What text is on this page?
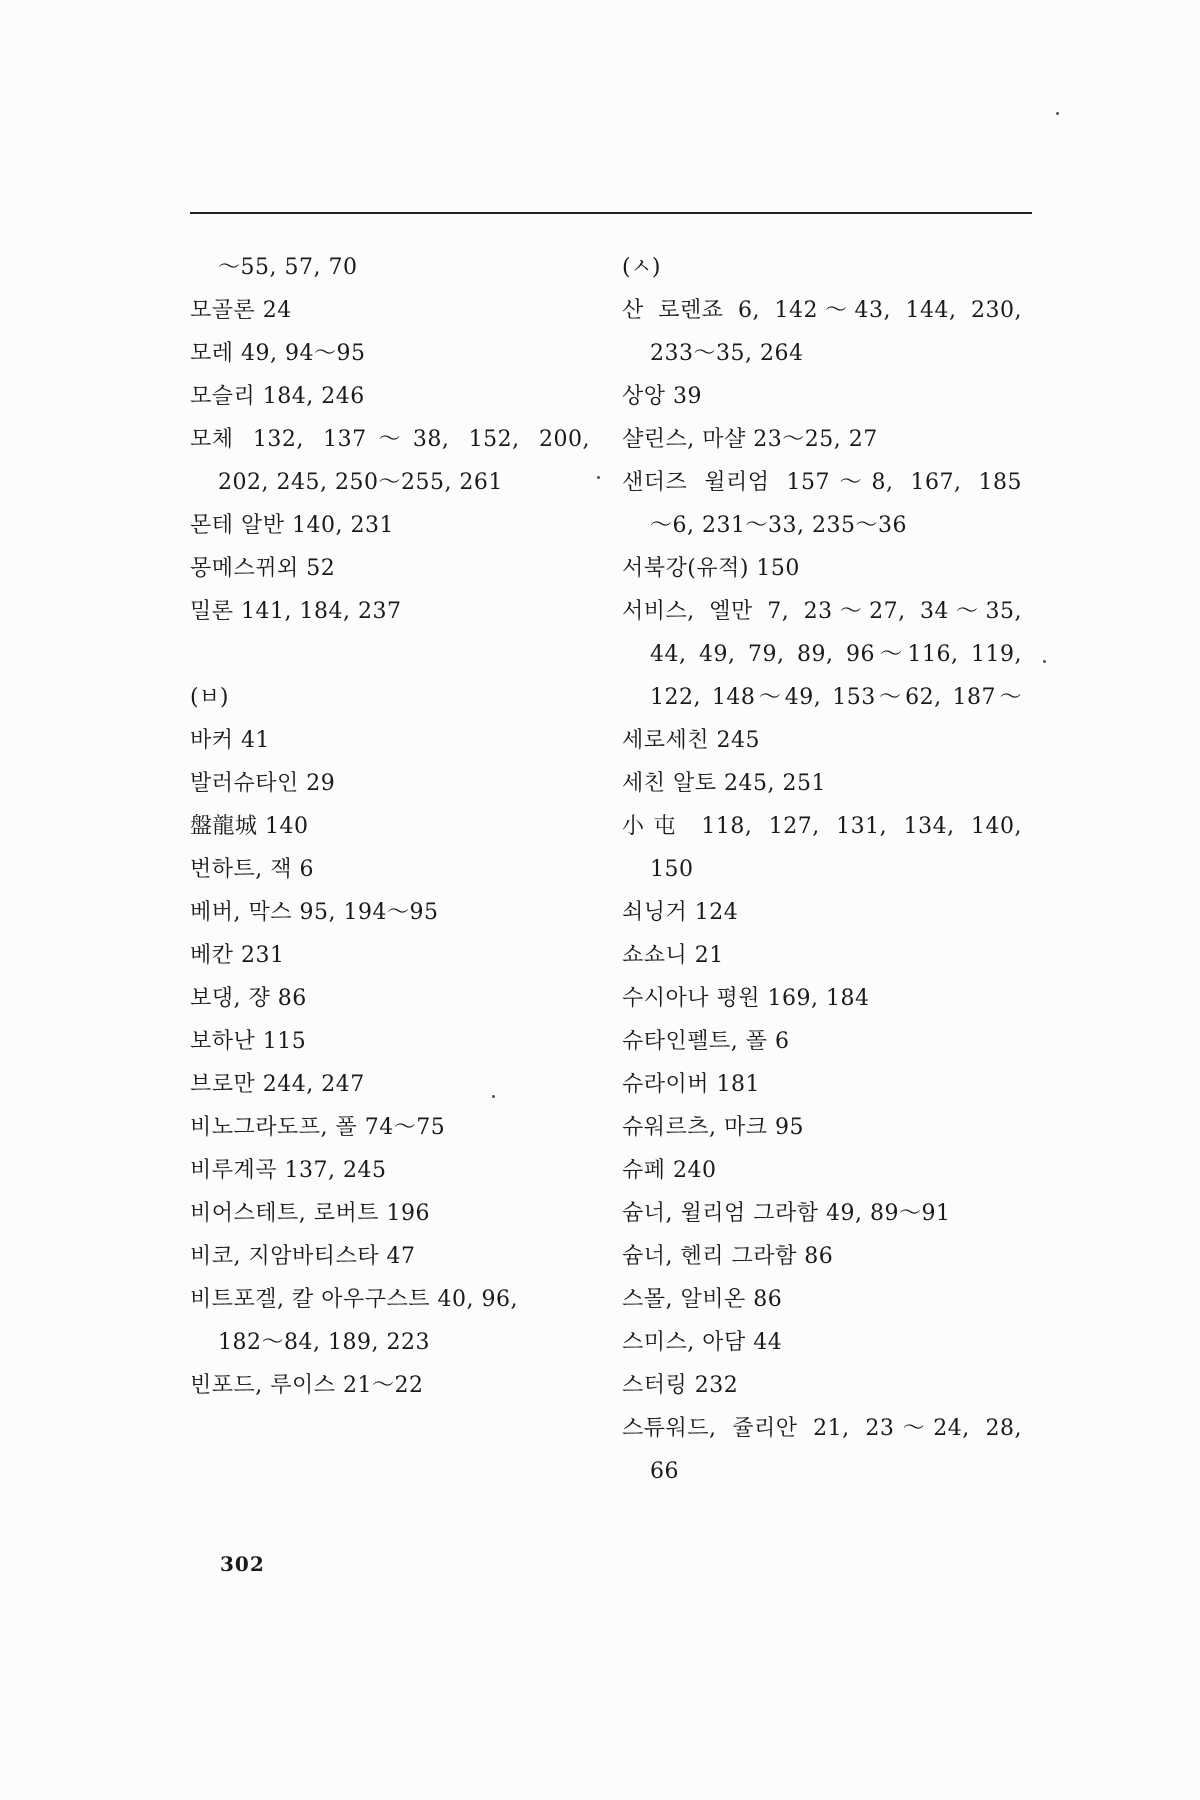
～55, 57, 70
모골론 24
모레 49, 94～95
모슬리 184, 246
모체 132, 137～38, 152, 200,
202, 245, 250～255, 261
몬테 알반 140, 231
몽메스뀌외 52
밀론 141, 184, 237
(ㅂ)
바커 41
발러슈타인 29
盤龍城 140
번하트, 잭 6
베버, 막스 95, 194～95
베칸 231
보댕, 쟝 86
보하난 115
브로만 244, 247
비노그라도프, 폴 74～75
비루계곡 137, 245
비어스테트, 로버트 196
비코, 지암바티스타 47
비트포겔, 칼 아우구스트 40, 96,
182～84, 189, 223
빈포드, 루이스 21～22
(ㅅ)
산 로렌죠 6, 142～43, 144, 230,
233～35, 264
상앙 39
샬린스, 마샬 23～25, 27
샌더즈 윌리엄 157～8, 167, 185
～6, 231～33, 235～36
서북강(유적) 150
서비스, 엘만 7, 23～27, 34～35,
44, 49, 79, 89, 96～116, 119,
122, 148～49, 153～62, 187～
세로세친 245
세친 알토 245, 251
小屯 118, 127, 131, 134, 140,
150
쇠닝거 124
쇼쇼니 21
수시아나 평원 169, 184
슈타인펠트, 폴 6
슈라이버 181
슈워르츠, 마크 95
슈페 240
슘너, 윌리엄 그라함 49, 89～91
슘너, 헨리 그라함 86
스몰, 알비온 86
스미스, 아담 44
스터링 232
스튜워드, 쥴리안 21, 23～24, 28,
66
302
